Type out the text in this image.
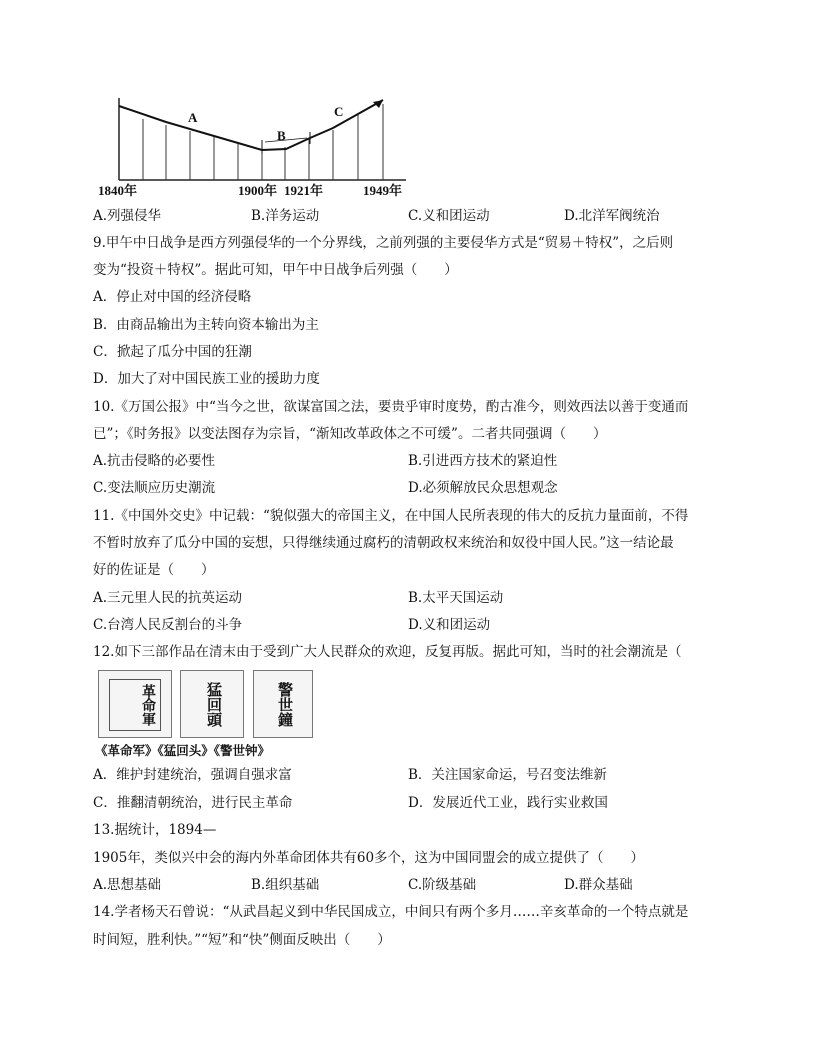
A
B
C
1840年	1900年 1921年	1949年
A.列强侵华	B.洋务运动	C.义和团运动	D.北洋军阀统治
9.甲午中日战争是西方列强侵华的一个分界线，之前列强的主要侵华方式是“贸易＋特权”，之后则
变为“投资＋特权”。据此可知，甲午中日战争后列强（　　）
A．停止对中国的经济侵略
B．由商品输出为主转向资本输出为主
C．掀起了瓜分中国的狂潮
D．加大了对中国民族工业的援助力度
10.《万国公报》中“当今之世，欲谋富国之法，要贵乎审时度势，酌古准今，则效西法以善于变通而
已”；《时务报》以变法图存为宗旨，“渐知改革政体之不可缓”。二者共同强调（　　）
A.抗击侵略的必要性	B.引进西方技术的紧迫性
C.变法顺应历史潮流	D.必须解放民众思想观念
11.《中国外交史》中记载：“貌似强大的帝国主义，在中国人民所表现的伟大的反抗力量面前，不得
不暂时放弃了瓜分中国的妄想，只得继续通过腐朽的清朝政权来统治和奴役中国人民。”这一结论最
好的佐证是（　　）
A.三元里人民的抗英运动	B.太平天国运动
C.台湾人民反割台的斗争	D.义和团运动
12.如下三部作品在清末由于受到广大人民群众的欢迎，反复再版。据此可知，当时的社会潮流是（
革命軍	猛回頭	警世鐘
《革命军》《猛回头》《警世钟》
A．维护封建统治，强调自强求富	B．关注国家命运，号召变法维新
C．推翻清朝统治，进行民主革命	D．发展近代工业，践行实业救国
13.据统计，1894—
1905年，类似兴中会的海内外革命团体共有60多个，这为中国同盟会的成立提供了（　　）
A.思想基础	B.组织基础	C.阶级基础	D.群众基础
14.学者杨天石曾说：“从武昌起义到中华民国成立，中间只有两个多月……辛亥革命的一个特点就是
时间短，胜利快。”“短”和“快”侧面反映出（　　）
